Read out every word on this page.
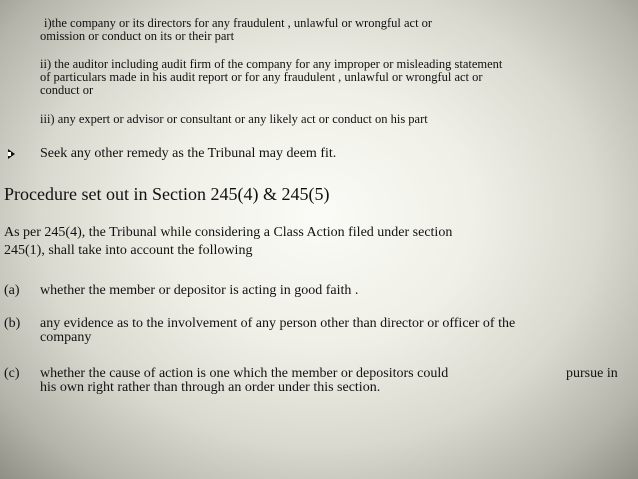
i)the company or its directors for any fraudulent , unlawful or wrongful act or
omission or conduct on its or their part
ii) the auditor including audit firm of the company for any improper or misleading statement
of particulars made in his audit report or for any fraudulent , unlawful or wrongful act or
conduct or
iii) any expert or advisor or consultant or any likely act or conduct on his part
Seek any other remedy as the Tribunal may deem fit.
Procedure set out in Section 245(4) & 245(5)
As per 245(4), the Tribunal while considering a Class Action filed under section
245(1), shall take into account the following
(a) whether the member or depositor is acting in good faith .
(b) any evidence as to the involvement of any person other than director or officer of the
company
(c) whether the cause of action is one which the member or depositors could
his own right rather than through an order under this section.
pursue in
